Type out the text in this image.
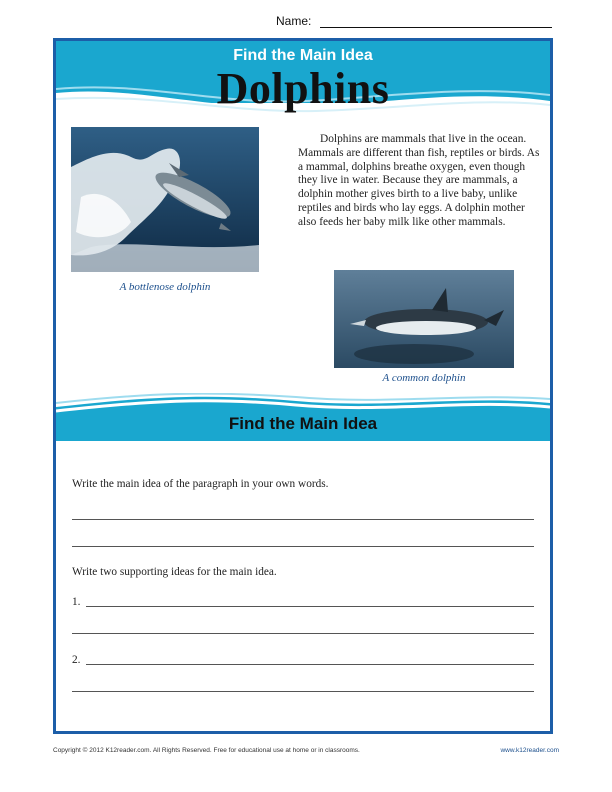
Name:
Find the Main Idea
Dolphins
A bottlenose dolphin
Dolphins are mammals that live in the ocean. Mammals are different than fish, reptiles or birds. As a mammal, dolphins breathe oxygen, even though they live in water. Because they are mammals, a dolphin mother gives birth to a live baby, unlike reptiles and birds who lay eggs. A dolphin mother also feeds her baby milk like other mammals.
A common dolphin
Find the Main Idea
Write the main idea of the paragraph in your own words.
Write two supporting ideas for the main idea.
1.
2.
Copyright © 2012 K12reader.com. All Rights Reserved. Free for educational use at home or in classrooms.	www.k12reader.com
